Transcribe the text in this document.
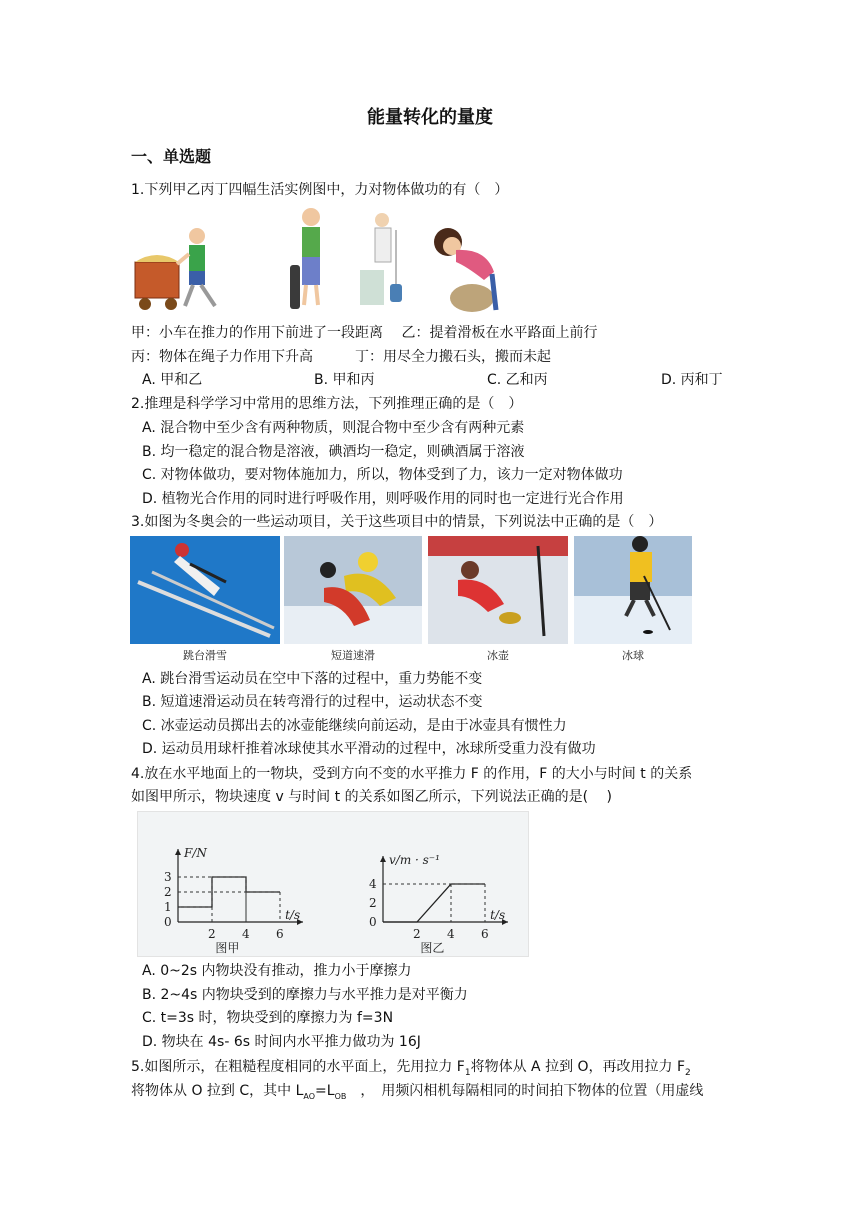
能量转化的量度
一、单选题
1.下列甲乙丙丁四幅生活实例图中，力对物体做功的有（　）
甲：小车在推力的作用下前进了一段距离　 乙：提着滑板在水平路面上前行
丙：物体在绳子力作用下升高　　　丁：用尽全力搬石头，搬而未起
A. 甲和乙	B. 甲和丙	C. 乙和丙	D. 丙和丁
2.推理是科学学习中常用的思维方法，下列推理正确的是（　）
A. 混合物中至少含有两种物质，则混合物中至少含有两种元素
B. 均一稳定的混合物是溶液，碘酒均一稳定，则碘酒属于溶液
C. 对物体做功，要对物体施加力，所以，物体受到了力，该力一定对物体做功
D. 植物光合作用的同时进行呼吸作用，则呼吸作用的同时也一定进行光合作用
3.如图为冬奥会的一些运动项目，关于这些项目中的情景，下列说法中正确的是（　）
跳台滑雪	短道速滑	冰壶	冰球
A. 跳台滑雪运动员在空中下落的过程中，重力势能不变
B. 短道速滑运动员在转弯滑行的过程中，运动状态不变
C. 冰壶运动员掷出去的冰壶能继续向前运动，是由于冰壶具有惯性力
D. 运动员用球杆推着冰球使其水平滑动的过程中，冰球所受重力没有做功
4.放在水平地面上的一物块，受到方向不变的水平推力 F 的作用，F 的大小与时间 t 的关系
如图甲所示，物块速度 v 与时间 t 的关系如图乙所示，下列说法正确的是(　 )
F/N
t/s
2 4 6
0
1
2
3
图甲
v/m · s⁻¹
t/s
2 4 6
0
2
4
图乙
A. 0~2s 内物块没有推动，推力小于摩擦力
B. 2~4s 内物块受到的摩擦力与水平推力是对平衡力
C. t=3s 时，物块受到的摩擦力为 f=3N
D. 物块在 4s- 6s 时间内水平推力做功为 16J
5.如图所示，在粗糙程度相同的水平面上，先用拉力 $F_1$将物体从 A 拉到 O，再改用拉力 $F_2$
将物体从 O 拉到 C，其中 $L_{AO}=L_{OB}$　，　用频闪相机每隔相同的时间拍下物体的位置（用虚线
